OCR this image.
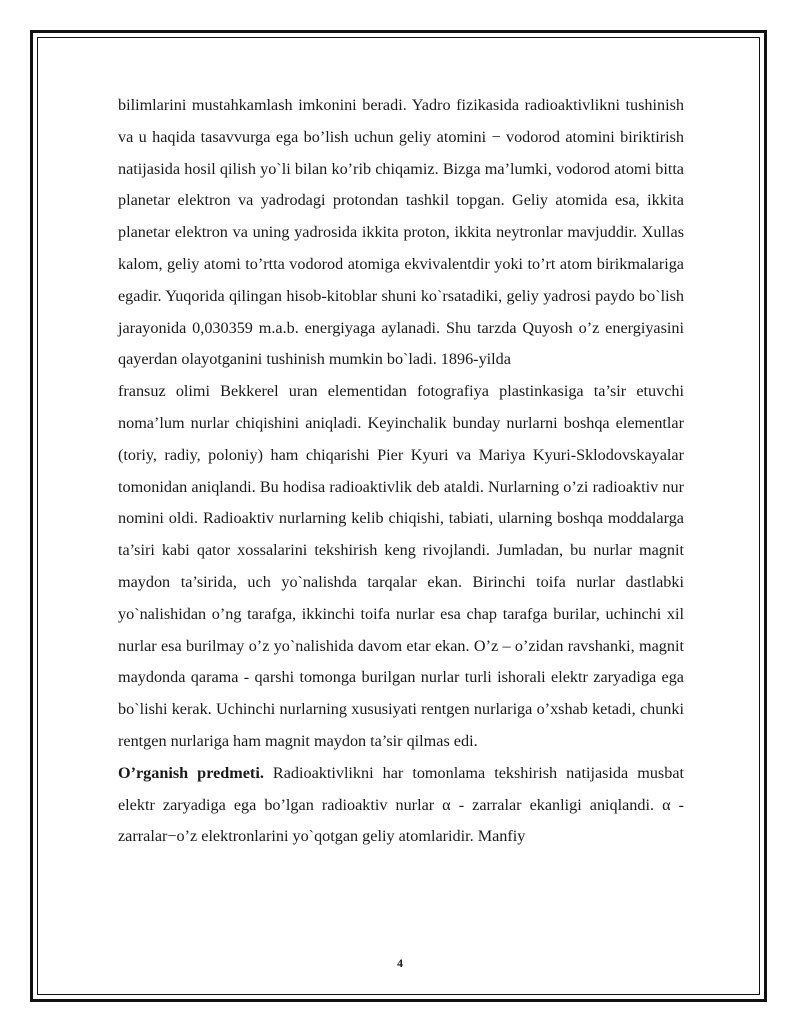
bilimlarini mustahkamlash imkonini beradi. Yadro fizikasida radioaktivlikni tushinish va u haqida tasavvurga ega bo’lish uchun geliy atomini − vodorod atomini biriktirish natijasida hosil qilish yo`li bilan ko’rib chiqamiz. Bizga ma’lumki, vodorod atomi bitta planetar elektron va yadrodagi protondan tashkil topgan. Geliy atomida esa, ikkita planetar elektron va uning yadrosida ikkita proton, ikkita neytronlar mavjuddir. Xullas kalom, geliy atomi to’rtta vodorod atomiga ekvivalentdir yoki to’rt atom birikmalariga egadir. Yuqorida qilingan hisob-kitoblar shuni ko`rsatadiki, geliy yadrosi paydo bo`lish jarayonida 0,030359 m.a.b. energiyaga aylanadi. Shu tarzda Quyosh o’z energiyasini qayerdan olayotganini tushinish mumkin bo`ladi. 1896-yilda

fransuz olimi Bekkerel uran elementidan fotografiya plastinkasiga ta’sir etuvchi noma’lum nurlar chiqishini aniqladi. Keyinchalik bunday nurlarni boshqa elementlar (toriy, radiy, poloniy) ham chiqarishi Pier Kyuri va Mariya Kyuri-Sklodovskayalar tomonidan aniqlandi. Bu hodisa radioaktivlik deb ataldi. Nurlarning o’zi radioaktiv nur nomini oldi. Radioaktiv nurlarning kelib chiqishi, tabiati, ularning boshqa moddalarga ta’siri kabi qator xossalarini tekshirish keng rivojlandi. Jumladan, bu nurlar magnit maydon ta’sirida, uch yo`nalishda tarqalar ekan. Birinchi toifa nurlar dastlabki yo`nalishidan o’ng tarafga, ikkinchi toifa nurlar esa chap tarafga burilar, uchinchi xil nurlar esa burilmay o’z yo`nalishida davom etar ekan. O’z – o’zidan ravshanki, magnit maydonda qarama - qarshi tomonga burilgan nurlar turli ishorali elektr zaryadiga ega bo`lishi kerak. Uchinchi nurlarning xususiyati rentgen nurlariga o’xshab ketadi, chunki rentgen nurlariga ham magnit maydon ta’sir qilmas edi.

O’rganish predmeti. Radioaktivlikni har tomonlama tekshirish natijasida musbat elektr zaryadiga ega bo’lgan radioaktiv nurlar α - zarralar ekanligi aniqlandi. α - zarralar−o’z elektronlarini yo`qotgan geliy atomlaridir. Manfiy

4
